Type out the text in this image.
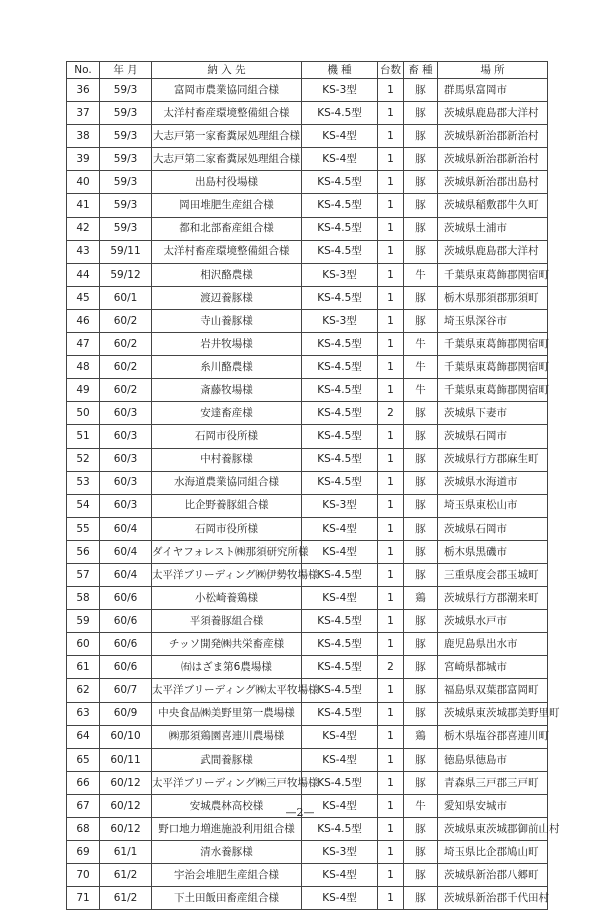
No.	年 月	納 入 先	機 種	台数	畜 種	場 所
36	59/3	富岡市農業協同組合様	KS-3型	1	豚	群馬県富岡市
37	59/3	太洋村畜産環境整備組合様	KS-4.5型	1	豚	茨城県鹿島郡大洋村
38	59/3	大志戸第一家畜糞尿処理組合様	KS-4型	1	豚	茨城県新治郡新治村
39	59/3	大志戸第二家畜糞尿処理組合様	KS-4型	1	豚	茨城県新治郡新治村
40	59/3	出島村役場様	KS-4.5型	1	豚	茨城県新治郡出島村
41	59/3	岡田堆肥生産組合様	KS-4.5型	1	豚	茨城県稲敷郡牛久町
42	59/3	都和北部畜産組合様	KS-4.5型	1	豚	茨城県土浦市
43	59/11	太洋村畜産環境整備組合様	KS-4.5型	1	豚	茨城県鹿島郡大洋村
44	59/12	相沢酪農様	KS-3型	1	牛	千葉県東葛飾郡関宿町
45	60/1	渡辺養豚様	KS-4.5型	1	豚	栃木県那須郡那須町
46	60/2	寺山養豚様	KS-3型	1	豚	埼玉県深谷市
47	60/2	岩井牧場様	KS-4.5型	1	牛	千葉県東葛飾郡関宿町
48	60/2	糸川酪農様	KS-4.5型	1	牛	千葉県東葛飾郡関宿町
49	60/2	斎藤牧場様	KS-4.5型	1	牛	千葉県東葛飾郡関宿町
50	60/3	安達畜産様	KS-4.5型	2	豚	茨城県下妻市
51	60/3	石岡市役所様	KS-4.5型	1	豚	茨城県石岡市
52	60/3	中村養豚様	KS-4.5型	1	豚	茨城県行方郡麻生町
53	60/3	水海道農業協同組合様	KS-4.5型	1	豚	茨城県水海道市
54	60/3	比企野養豚組合様	KS-3型	1	豚	埼玉県東松山市
55	60/4	石岡市役所様	KS-4型	1	豚	茨城県石岡市
56	60/4	ダイヤフォレスト㈱那須研究所様	KS-4型	1	豚	栃木県黒磯市
57	60/4	太平洋ブリーディング㈱伊勢牧場様	KS-4.5型	1	豚	三重県度会郡玉城町
58	60/6	小松崎養鶏様	KS-4型	1	鶏	茨城県行方郡潮来町
59	60/6	平須養豚組合様	KS-4.5型	1	豚	茨城県水戸市
60	60/6	チッソ開発㈱共栄畜産様	KS-4.5型	1	豚	鹿児島県出水市
61	60/6	㈲はざま第6農場様	KS-4.5型	2	豚	宮崎県都城市
62	60/7	太平洋ブリーディング㈱太平牧場様	KS-4.5型	1	豚	福島県双葉郡富岡町
63	60/9	中央食品㈱美野里第一農場様	KS-4.5型	1	豚	茨城県東茨城郡美野里町
64	60/10	㈱那須鶏園喜連川農場様	KS-4型	1	鶏	栃木県塩谷郡喜連川町
65	60/11	武間養豚様	KS-4型	1	豚	徳島県徳島市
66	60/12	太平洋ブリーディング㈱三戸牧場様	KS-4.5型	1	豚	青森県三戸郡三戸町
67	60/12	安城農林高校様	KS-4型	1	牛	愛知県安城市
68	60/12	野口地力増進施設利用組合様	KS-4.5型	1	豚	茨城県東茨城郡御前山村
69	61/1	清水養豚様	KS-3型	1	豚	埼玉県比企郡鳩山町
70	61/2	宇治会堆肥生産組合様	KS-4型	1	豚	茨城県新治郡八郷町
71	61/2	下土田飯田畜産組合様	KS-4型	1	豚	茨城県新治郡千代田村
—2—
